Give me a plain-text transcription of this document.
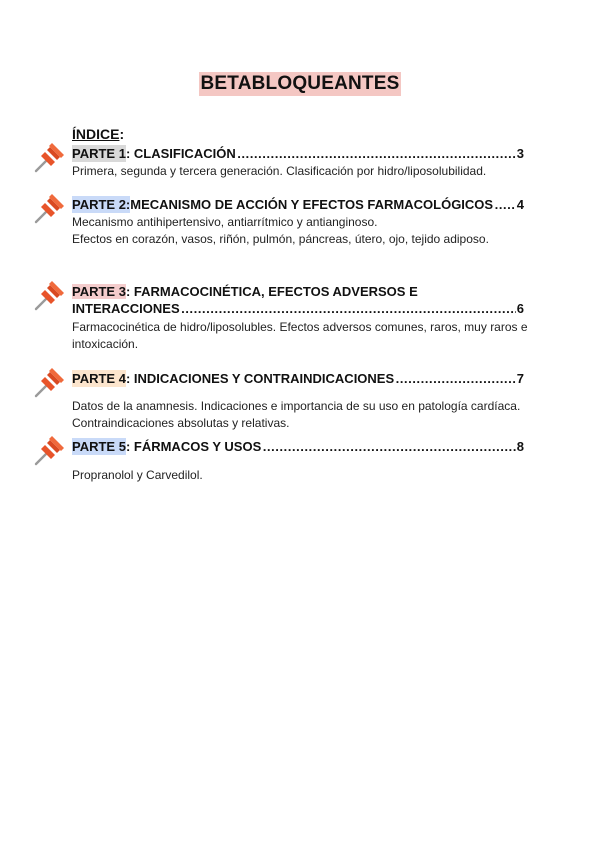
BETABLOQUEANTES
ÍNDICE:
PARTE 1 : CLASIFICACIÓN ………………………………………………………………………………………………………………………………	3
Primera, segunda y tercera generación. Clasificación por hidro/liposolubilidad.
PARTE 2: MECANISMO DE ACCIÓN Y EFECTOS FARMACOLÓGICOS ……………………………………………………………………………………………………………………………… 4
Mecanismo antihipertensivo, antiarrítmico y antianginoso.
Efectos en corazón, vasos, riñón, pulmón, páncreas, útero, ojo, tejido adiposo.
PARTE 3: FARMACOCINÉTICA, EFECTOS ADVERSOS E
INTERACCIONES ………………………………………………………………………………………………………………………………	6
Farmacocinética de hidro/liposolubles. Efectos adversos comunes, raros, muy raros e intoxicación.
PARTE 4 : INDICACIONES Y CONTRAINDICACIONES ………………………………………………………………………………………………………………………………	7
Datos de la anamnesis. Indicaciones e importancia de su uso en patología cardíaca. Contraindicaciones absolutas y relativas.
PARTE 5 : FÁRMACOS Y USOS ………………………………………………………………………………………………………………………………	8
Propranolol y Carvedilol.
